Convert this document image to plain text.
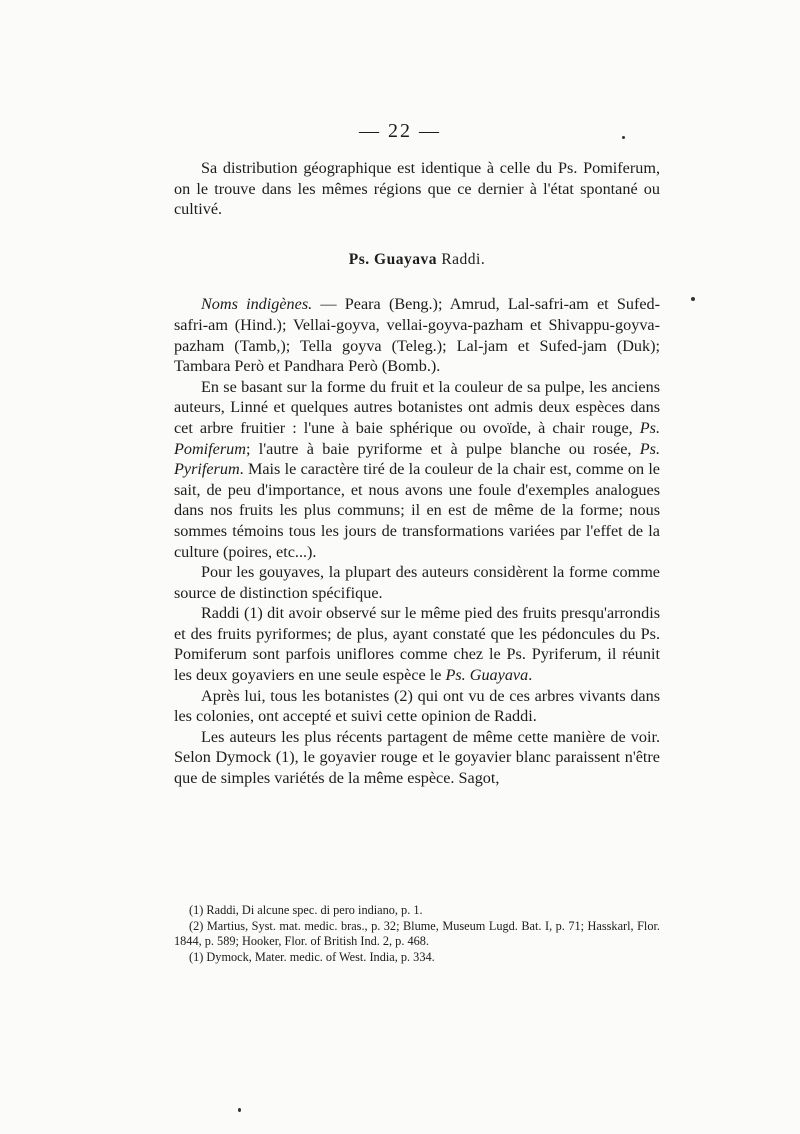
— 22 —

Sa distribution géographique est identique à celle du Ps. Pomiferum, on le trouve dans les mêmes régions que ce dernier à l'état spontané ou cultivé.

Ps. Guayava Raddi.

Noms indigènes. — Peara (Beng.); Amrud, Lal-safri-am et Sufed-safri-am (Hind.); Vellai-goyva, vellai-goyva-pazham et Shivappu-goyva-pazham (Tamb,); Tella goyva (Teleg.); Lal-jam et Sufed-jam (Duk); Tambara Però et Pandhara Però (Bomb.).

En se basant sur la forme du fruit et la couleur de sa pulpe, les anciens auteurs, Linné et quelques autres botanistes ont admis deux espèces dans cet arbre fruitier : l'une à baie sphérique ou ovoïde, à chair rouge, Ps. Pomiferum; l'autre à baie pyriforme et à pulpe blanche ou rosée, Ps. Pyriferum. Mais le caractère tiré de la couleur de la chair est, comme on le sait, de peu d'importance, et nous avons une foule d'exemples analogues dans nos fruits les plus communs; il en est de même de la forme; nous sommes témoins tous les jours de transformations variées par l'effet de la culture (poires, etc...).

Pour les gouyaves, la plupart des auteurs considèrent la forme comme source de distinction spécifique.

Raddi (1) dit avoir observé sur le même pied des fruits presqu'arrondis et des fruits pyriformes; de plus, ayant constaté que les pédoncules du Ps. Pomiferum sont parfois uniflores comme chez le Ps. Pyriferum, il réunit les deux goyaviers en une seule espèce le Ps. Guayava.

Après lui, tous les botanistes (2) qui ont vu de ces arbres vivants dans les colonies, ont accepté et suivi cette opinion de Raddi.

Les auteurs les plus récents partagent de même cette manière de voir. Selon Dymock (1), le goyavier rouge et le goyavier blanc paraissent n'être que de simples variétés de la même espèce. Sagot,

(1) Raddi, Di alcune spec. di pero indiano, p. 1.

(2) Martius, Syst. mat. medic. bras., p. 32; Blume, Museum Lugd. Bat. I, p. 71; Hasskarl, Flor. 1844, p. 589; Hooker, Flor. of British Ind. 2, p. 468.

(1) Dymock, Mater. medic. of West. India, p. 334.
